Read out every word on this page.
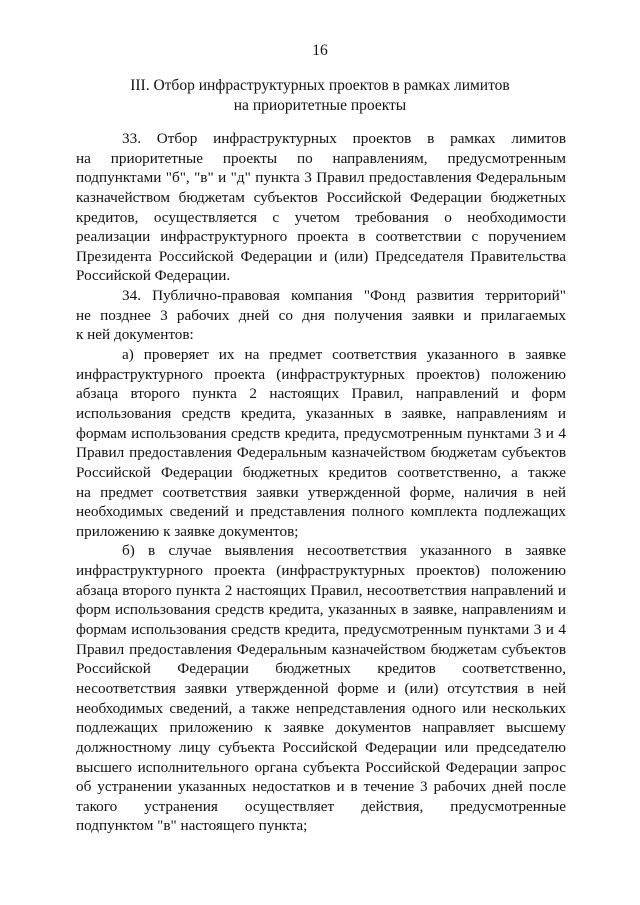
16
III. Отбор инфраструктурных проектов в рамках лимитов
на приоритетные проекты
33. Отбор инфраструктурных проектов в рамках лимитов
на приоритетные проекты по направлениям, предусмотренным
подпунктами "б", "в" и "д" пункта 3 Правил предоставления Федеральным
казначейством бюджетам субъектов Российской Федерации бюджетных
кредитов, осуществляется с учетом требования о необходимости
реализации инфраструктурного проекта в соответствии с поручением
Президента Российской Федерации и (или) Председателя Правительства
Российской Федерации.
34. Публично-правовая компания "Фонд развития территорий"
не позднее 3 рабочих дней со дня получения заявки и прилагаемых
к ней документов:
а) проверяет их на предмет соответствия указанного в заявке
инфраструктурного проекта (инфраструктурных проектов) положению
абзаца второго пункта 2 настоящих Правил, направлений и форм
использования средств кредита, указанных в заявке, направлениям и
формам использования средств кредита, предусмотренным пунктами 3 и 4
Правил предоставления Федеральным казначейством бюджетам субъектов
Российской Федерации бюджетных кредитов соответственно, а также
на предмет соответствия заявки утвержденной форме, наличия в ней
необходимых сведений и представления полного комплекта подлежащих
приложению к заявке документов;
б) в случае выявления несоответствия указанного в заявке
инфраструктурного проекта (инфраструктурных проектов) положению
абзаца второго пункта 2 настоящих Правил, несоответствия направлений и
форм использования средств кредита, указанных в заявке, направлениям и
формам использования средств кредита, предусмотренным пунктами 3 и 4
Правил предоставления Федеральным казначейством бюджетам субъектов
Российской Федерации бюджетных кредитов соответственно,
несоответствия заявки утвержденной форме и (или) отсутствия в ней
необходимых сведений, а также непредставления одного или нескольких
подлежащих приложению к заявке документов направляет высшему
должностному лицу субъекта Российской Федерации или председателю
высшего исполнительного органа субъекта Российской Федерации запрос
об устранении указанных недостатков и в течение 3 рабочих дней после
такого устранения осуществляет действия, предусмотренные
подпунктом "в" настоящего пункта;
